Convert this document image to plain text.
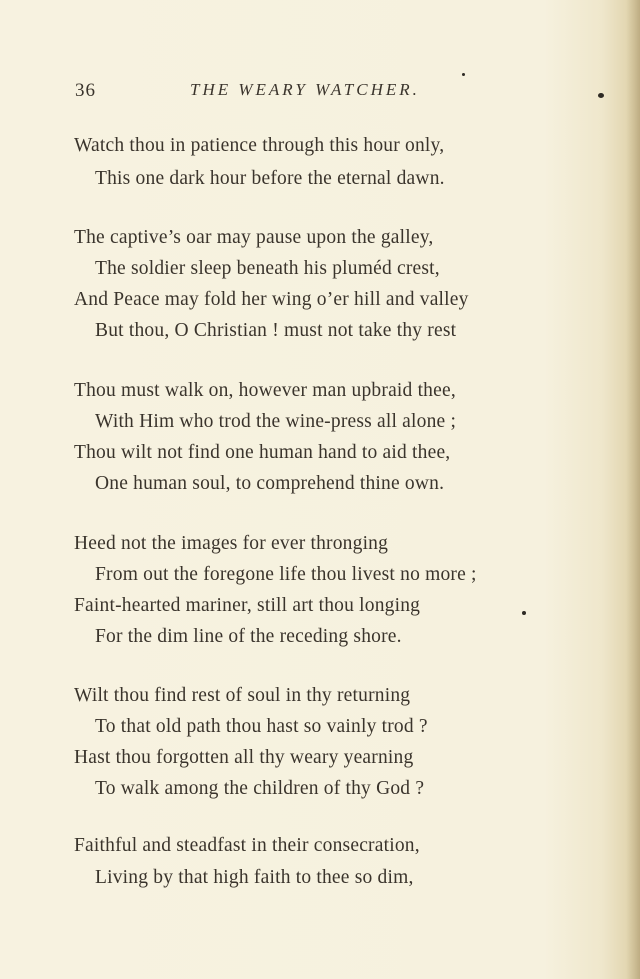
36	THE WEARY WATCHER.
Watch thou in patience through this hour only,
This one dark hour before the eternal dawn.
The captive’s oar may pause upon the galley,
The soldier sleep beneath his pluméd crest,
And Peace may fold her wing o’er hill and valley
But thou, O Christian ! must not take thy rest
Thou must walk on, however man upbraid thee,
With Him who trod the wine-press all alone ;
Thou wilt not find one human hand to aid thee,
One human soul, to comprehend thine own.
Heed not the images for ever thronging
From out the foregone life thou livest no more ;
Faint-hearted mariner, still art thou longing
For the dim line of the receding shore.
Wilt thou find rest of soul in thy returning
To that old path thou hast so vainly trod ?
Hast thou forgotten all thy weary yearning
To walk among the children of thy God ?
Faithful and steadfast in their consecration,
Living by that high faith to thee so dim,
